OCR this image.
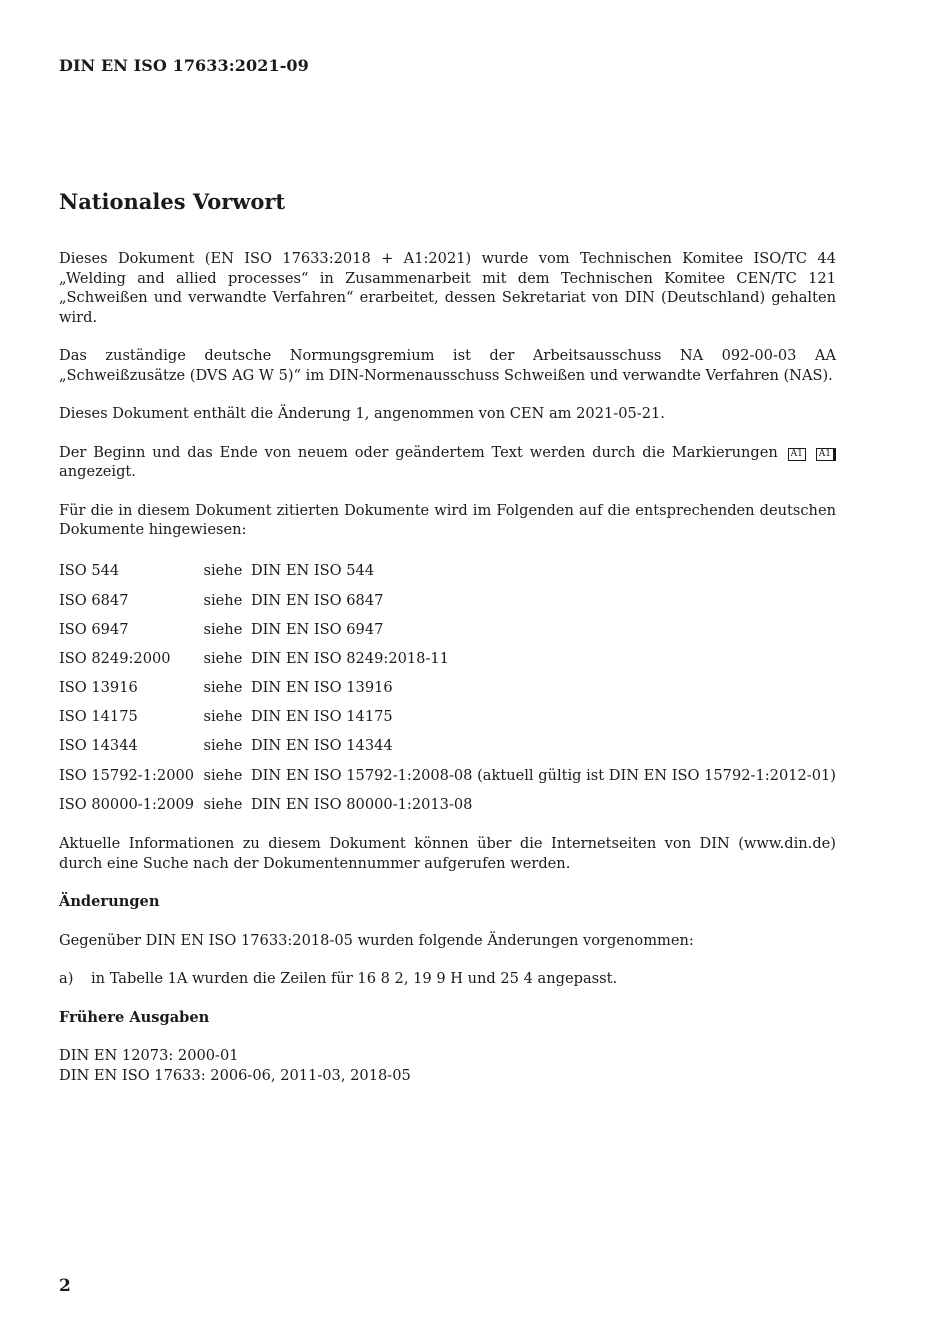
DIN EN ISO 17633:2021-09
Nationales Vorwort

Dieses Dokument (EN ISO 17633:2018 + A1:2021) wurde vom Technischen Komitee ISO/TC 44 „Welding and allied processes“ in Zusammenarbeit mit dem Technischen Komitee CEN/TC 121 „Schweißen und verwandte Verfahren“ erarbeitet, dessen Sekretariat von DIN (Deutschland) gehalten wird.

Das zuständige deutsche Normungsgremium ist der Arbeitsausschuss NA 092-00-03 AA „Schweißzusätze (DVS AG W 5)“ im DIN-Normenausschuss Schweißen und verwandte Verfahren (NAS).

Dieses Dokument enthält die Änderung 1, angenommen von CEN am 2021-05-21.

Der Beginn und das Ende von neuem oder geändertem Text werden durch die Markierungen A1 A1 angezeigt.

Für die in diesem Dokument zitierten Dokumente wird im Folgenden auf die entsprechenden deutschen Dokumente hingewiesen:

ISO 544	siehe	DIN EN ISO 544
ISO 6847	siehe	DIN EN ISO 6847
ISO 6947	siehe	DIN EN ISO 6947
ISO 8249:2000	siehe	DIN EN ISO 8249:2018-11
ISO 13916	siehe	DIN EN ISO 13916
ISO 14175	siehe	DIN EN ISO 14175
ISO 14344	siehe	DIN EN ISO 14344
ISO 15792-1:2000	siehe	DIN EN ISO 15792-1:2008-08 (aktuell gültig ist DIN EN ISO 15792-1:2012-01)
ISO 80000-1:2009	siehe	DIN EN ISO 80000-1:2013-08

Aktuelle Informationen zu diesem Dokument können über die Internetseiten von DIN (www.din.de) durch eine Suche nach der Dokumentennummer aufgerufen werden.

Änderungen

Gegenüber DIN EN ISO 17633:2018-05 wurden folgende Änderungen vorgenommen:

a)	in Tabelle 1A wurden die Zeilen für 16 8 2, 19 9 H und 25 4 angepasst.
Frühere Ausgaben
DIN EN 12073: 2000-01
DIN EN ISO 17633: 2006-06, 2011-03, 2018-05
2
